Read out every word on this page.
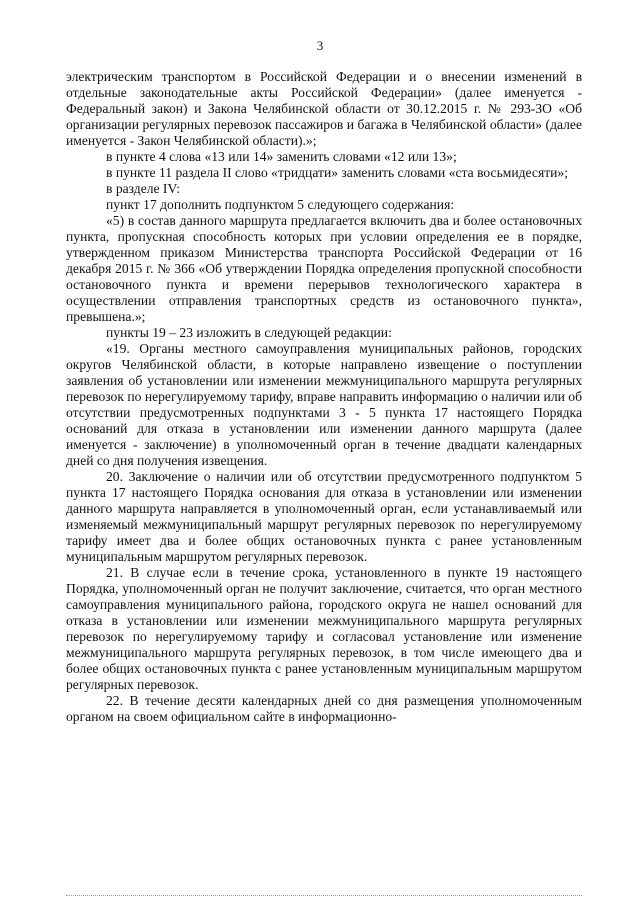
3

электрическим транспортом в Российской Федерации и о внесении изменений в отдельные законодательные акты Российской Федерации» (далее именуется - Федеральный закон) и Закона Челябинской области от 30.12.2015 г. № 293-ЗО «Об организации регулярных перевозок пассажиров и багажа в Челябинской области» (далее именуется - Закон Челябинской области).»;

в пункте 4 слова «13 или 14» заменить словами «12 или 13»;

в пункте 11 раздела II слово «тридцати» заменить словами «ста восьмидесяти»;

в разделе IV:

пункт 17 дополнить подпунктом 5 следующего содержания:

«5) в состав данного маршрута предлагается включить два и более остановочных пункта, пропускная способность которых при условии определения ее в порядке, утвержденном приказом Министерства транспорта Российской Федерации от 16 декабря 2015 г. № 366 «Об утверждении Порядка определения пропускной способности остановочного пункта и времени перерывов технологического характера в осуществлении отправления транспортных средств из остановочного пункта», превышена.»;

пункты 19 – 23 изложить в следующей редакции:

«19. Органы местного самоуправления муниципальных районов, городских округов Челябинской области, в которые направлено извещение о поступлении заявления об установлении или изменении межмуниципального маршрута регулярных перевозок по нерегулируемому тарифу, вправе направить информацию о наличии или об отсутствии предусмотренных подпунктами 3 - 5 пункта 17 настоящего Порядка оснований для отказа в установлении или изменении данного маршрута (далее именуется - заключение) в уполномоченный орган в течение двадцати календарных дней со дня получения извещения.

20. Заключение о наличии или об отсутствии предусмотренного подпунктом 5 пункта 17 настоящего Порядка основания для отказа в установлении или изменении данного маршрута направляется в уполномоченный орган, если устанавливаемый или изменяемый межмуниципальный маршрут регулярных перевозок по нерегулируемому тарифу имеет два и более общих остановочных пункта с ранее установленным муниципальным маршрутом регулярных перевозок.

21. В случае если в течение срока, установленного в пункте 19 настоящего Порядка, уполномоченный орган не получит заключение, считается, что орган местного самоуправления муниципального района, городского округа не нашел оснований для отказа в установлении или изменении межмуниципального маршрута регулярных перевозок по нерегулируемому тарифу и согласовал установление или изменение межмуниципального маршрута регулярных перевозок, в том числе имеющего два и более общих остановочных пункта с ранее установленным муниципальным маршрутом регулярных перевозок.

22. В течение десяти календарных дней со дня размещения уполномоченным органом на своем официальном сайте в информационно-
